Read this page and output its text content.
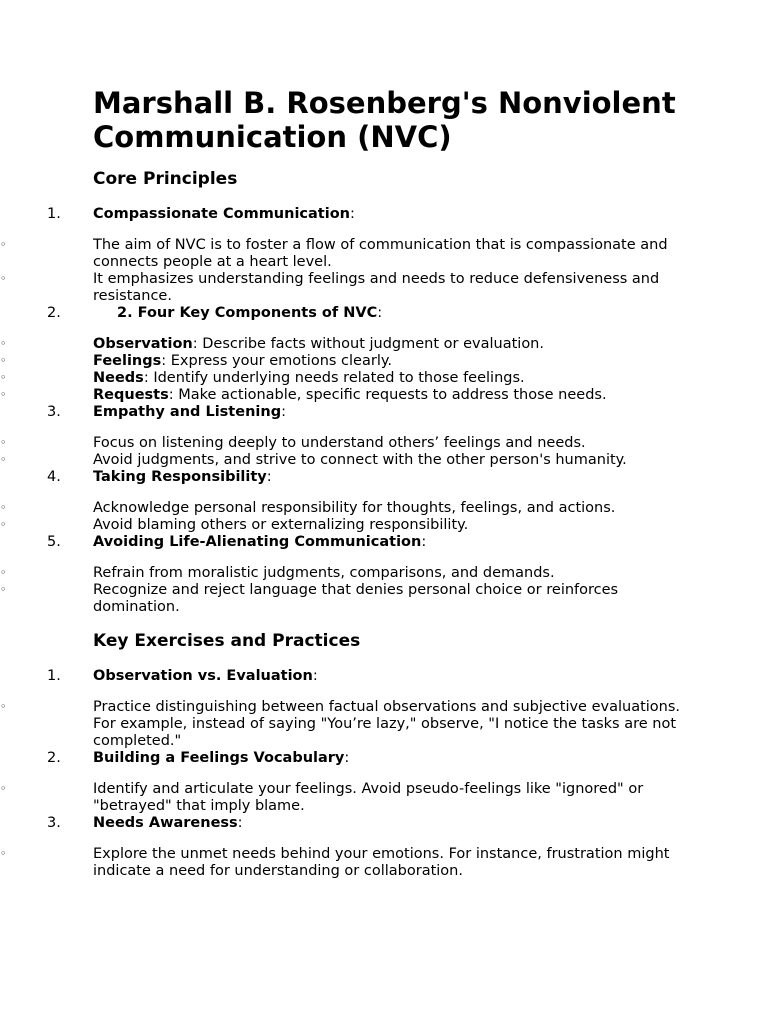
Marshall B. Rosenberg's Nonviolent Communication (NVC)
Core Principles
1.	Compassionate Communication:
◦	The aim of NVC is to foster a flow of communication that is compassionate and connects people at a heart level.
◦	It emphasizes understanding feelings and needs to reduce defensiveness and resistance.
2.	2. Four Key Components of NVC:
◦	Observation: Describe facts without judgment or evaluation.
◦	Feelings: Express your emotions clearly.
◦	Needs: Identify underlying needs related to those feelings.
◦	Requests: Make actionable, specific requests to address those needs.
3.	Empathy and Listening:
◦	Focus on listening deeply to understand others’ feelings and needs.
◦	Avoid judgments, and strive to connect with the other person's humanity.
4.	Taking Responsibility:
◦	Acknowledge personal responsibility for thoughts, feelings, and actions.
◦	Avoid blaming others or externalizing responsibility.
5.	Avoiding Life-Alienating Communication:
◦	Refrain from moralistic judgments, comparisons, and demands.
◦	Recognize and reject language that denies personal choice or reinforces domination.
Key Exercises and Practices
1.	Observation vs. Evaluation:
◦	Practice distinguishing between factual observations and subjective evaluations. For example, instead of saying "You’re lazy," observe, "I notice the tasks are not completed."
2.	Building a Feelings Vocabulary:
◦	Identify and articulate your feelings. Avoid pseudo-feelings like "ignored" or "betrayed" that imply blame.
3.	Needs Awareness:
◦	Explore the unmet needs behind your emotions. For instance, frustration might indicate a need for understanding or collaboration.
